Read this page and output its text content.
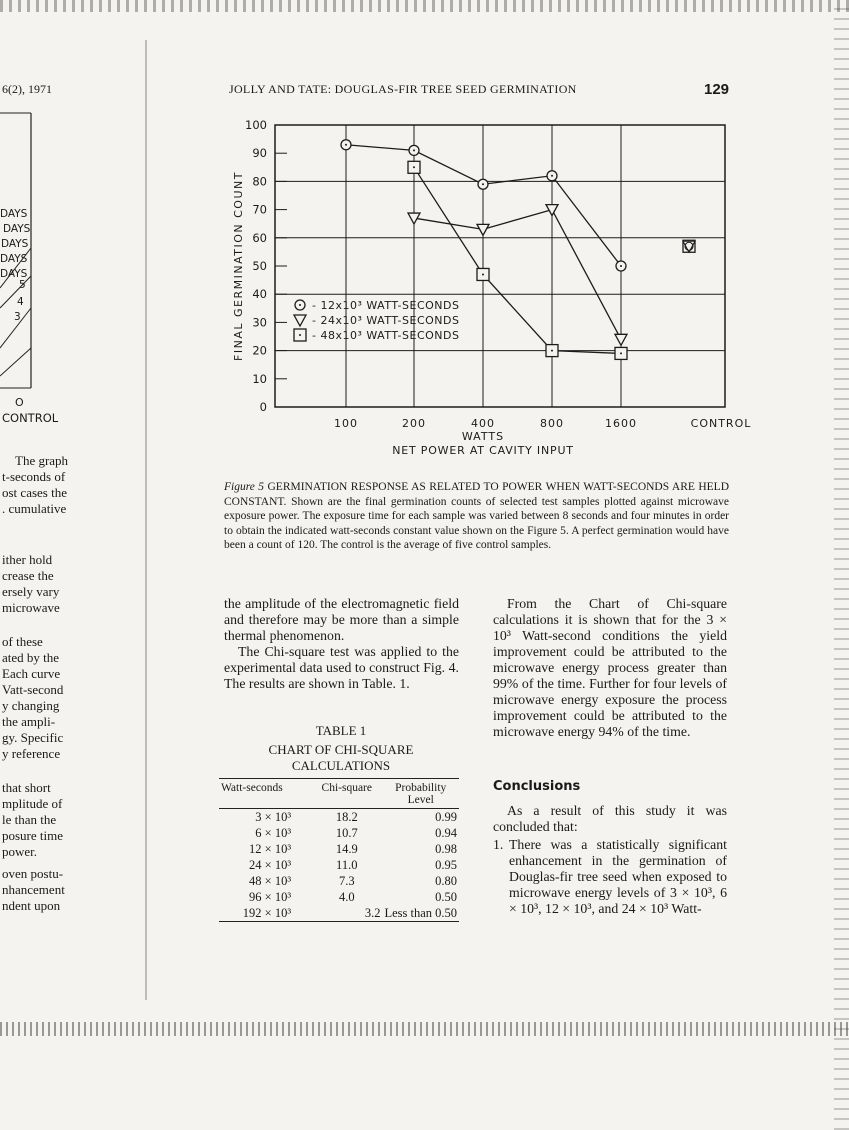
6(2), 1971
DAYS
DAYS
DAYS
DAYS
DAYS
5
4
3
O
CONTROL
The graph
t-seconds of
ost cases the
. cumulative
ither hold
crease the
ersely vary
microwave
of these
ated by the
Each curve
Vatt-second
y changing
the ampli-
gy. Specific
y reference
that short
mplitude of
le than the
posure time
power.
oven postu-
nhancement
ndent upon
JOLLY AND TATE: DOUGLAS-FIR TREE SEED GERMINATION	129
0
10
20
30
40
50
60
70
80
90
100
100	200	400	800	1600	CONTROL
WATTS
NET POWER AT CAVITY INPUT
FINAL GERMINATION COUNT	- 12x10³ WATT-SECONDS
- 24x10³ WATT-SECONDS
- 48x10³ WATT-SECONDS
Figure 5 GERMINATION RESPONSE AS RELATED TO POWER WHEN WATT-SECONDS ARE HELD CONSTANT. Shown are the final germination counts of selected test samples plotted against microwave exposure power. The exposure time for each sample was varied between 8 seconds and four minutes in order to obtain the indicated watt-seconds constant value shown on the Figure 5. A perfect germination would have been a count of 120. The control is the average of five control samples.

the amplitude of the electromagnetic field and therefore may be more than a simple thermal phenomenon.

The Chi-square test was applied to the experimental data used to construct Fig. 4. The results are shown in Table. 1.

TABLE 1
CHART OF CHI-SQUARE
CALCULATIONS
Watt-seconds	Chi-square	Probability Level
3 × 10³	18.2	0.99
6 × 10³	10.7	0.94
12 × 10³	14.9	0.98
24 × 10³	11.0	0.95
48 × 10³	7.3	0.80
96 × 10³	4.0	0.50
192 × 10³	3.2	Less than 0.50
From the Chart of Chi-square calculations it is shown that for the 3 × 10³ Watt-second conditions the yield improvement could be attributed to the microwave energy process greater than 99% of the time. Further for four levels of microwave energy exposure the process improvement could be attributed to the microwave energy 94% of the time.
Conclusions
As a result of this study it was concluded that:
1. There was a statistically significant enhancement in the germination of Douglas-fir tree seed when exposed to microwave energy levels of 3 × 10³, 6 × 10³, 12 × 10³, and 24 × 10³ Watt-
